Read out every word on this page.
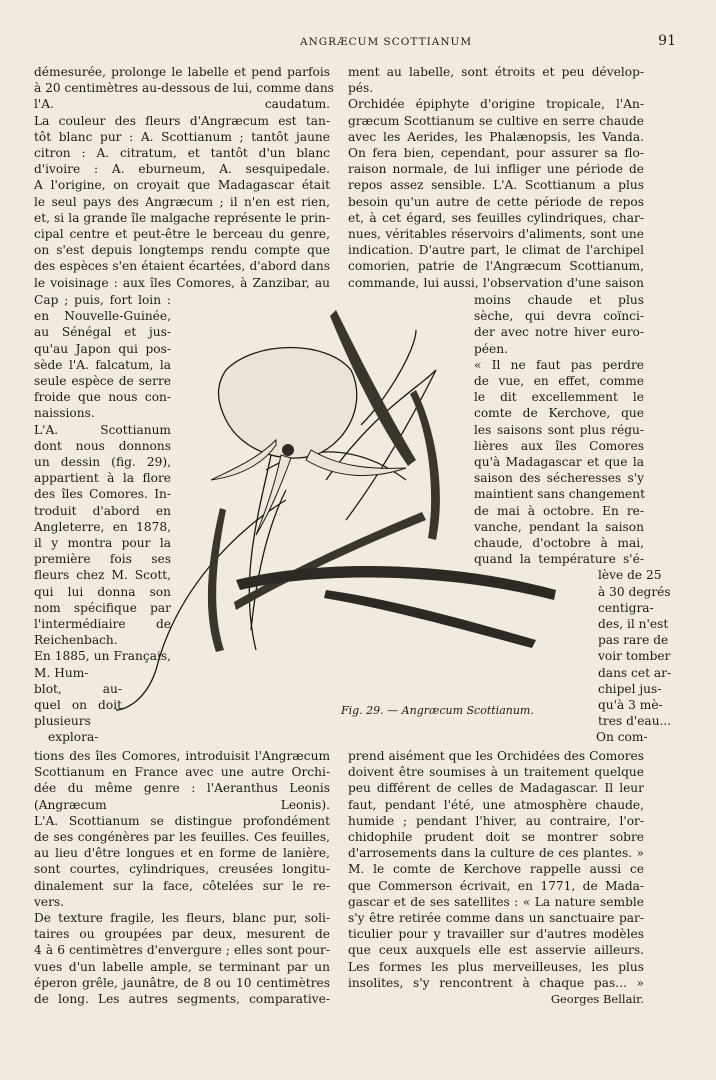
ANGRÆCUM SCOTTIANUM	91
démesurée, prolonge le labelle et pend parfois
à 20 centimètres au-dessous de lui, comme dans
l'A. caudatum.
La couleur des fleurs d'Angræcum est tan-
tôt blanc pur : A. Scottianum ; tantôt jaune
citron : A. citratum, et tantôt d'un blanc
d'ivoire : A. eburneum, A. sesquipedale.
A l'origine, on croyait que Madagascar était
le seul pays des Angræcum ; il n'en est rien,
et, si la grande île malgache représente le prin-
cipal centre et peut-être le berceau du genre,
on s'est depuis longtemps rendu compte que
des espèces s'en étaient écartées, d'abord dans
le voisinage : aux îles Comores, à Zanzibar, au
Cap ; puis, fort loin :
en Nouvelle-Guinée,
au Sénégal et jus-
qu'au Japon qui pos-
sède l'A. falcatum, la
seule espèce de serre
froide que nous con-
naissions.
L'A. Scottianum
dont nous donnons
un dessin (fig. 29),
appartient à la flore
des îles Comores. In-
troduit d'abord en
Angleterre, en 1878,
il y montra pour la
première fois ses
fleurs chez M. Scott,
qui lui donna son
nom spécifique par
l'intermédiaire de
Reichenbach.
En 1885, un Français,
M. Hum-
blot, au-
quel on doit
plusieurs
explora-
tions des îles Comores, introduisit l'Angræcum
Scottianum en France avec une autre Orchi-
dée du même genre : l'Aeranthus Leonis
(Angræcum Leonis).
L'A. Scottianum se distingue profondément
de ses congénères par les feuilles. Ces feuilles,
au lieu d'être longues et en forme de lanière,
sont courtes, cylindriques, creusées longitu-
dinalement sur la face, côtelées sur le re-
vers.
De texture fragile, les fleurs, blanc pur, soli-
taires ou groupées par deux, mesurent de
4 à 6 centimètres d'envergure ; elles sont pour-
vues d'un labelle ample, se terminant par un
éperon grêle, jaunâtre, de 8 ou 10 centimètres
de long. Les autres segments, comparative-
ment au labelle, sont étroits et peu dévelop-
pés.
Orchidée épiphyte d'origine tropicale, l'An-
græcum Scottianum se cultive en serre chaude
avec les Aerides, les Phalænopsis, les Vanda.
On fera bien, cependant, pour assurer sa flo-
raison normale, de lui infliger une période de
repos assez sensible. L'A. Scottianum a plus
besoin qu'un autre de cette période de repos
et, à cet égard, ses feuilles cylindriques, char-
nues, véritables réservoirs d'aliments, sont une
indication. D'autre part, le climat de l'archipel
comorien, patrie de l'Angræcum Scottianum,
commande, lui aussi, l'observation d'une saison
moins chaude et plus
sèche, qui devra coïnci-
der avec notre hiver euro-
péen.
« Il ne faut pas perdre
de vue, en effet, comme
le dit excellemment le
comte de Kerchove, que
les saisons sont plus régu-
lières aux îles Comores
qu'à Madagascar et que la
saison des sécheresses s'y
maintient sans changement
de mai à octobre. En re-
vanche, pendant la saison
chaude, d'octobre à mai,
quand la température s'é-
lève de 25
à 30 degrés
centigra-
des, il n'est
pas rare de
voir tomber
dans cet ar-
chipel jus-
qu'à 3 mè-
tres d'eau...
On com-
prend aisément que les Orchidées des Comores
doivent être soumises à un traitement quelque
peu différent de celles de Madagascar. Il leur
faut, pendant l'été, une atmosphère chaude,
humide ; pendant l'hiver, au contraire, l'or-
chidophile prudent doit se montrer sobre
d'arrosements dans la culture de ces plantes. »
M. le comte de Kerchove rappelle aussi ce
que Commerson écrivait, en 1771, de Mada-
gascar et de ses satellites : « La nature semble
s'y être retirée comme dans un sanctuaire par-
ticulier pour y travailler sur d'autres modèles
que ceux auxquels elle est asservie ailleurs.
Les formes les plus merveilleuses, les plus
insolites, s'y rencontrent à chaque pas... »
Georges Bellair.
Fig. 29. — Angræcum Scottianum.
